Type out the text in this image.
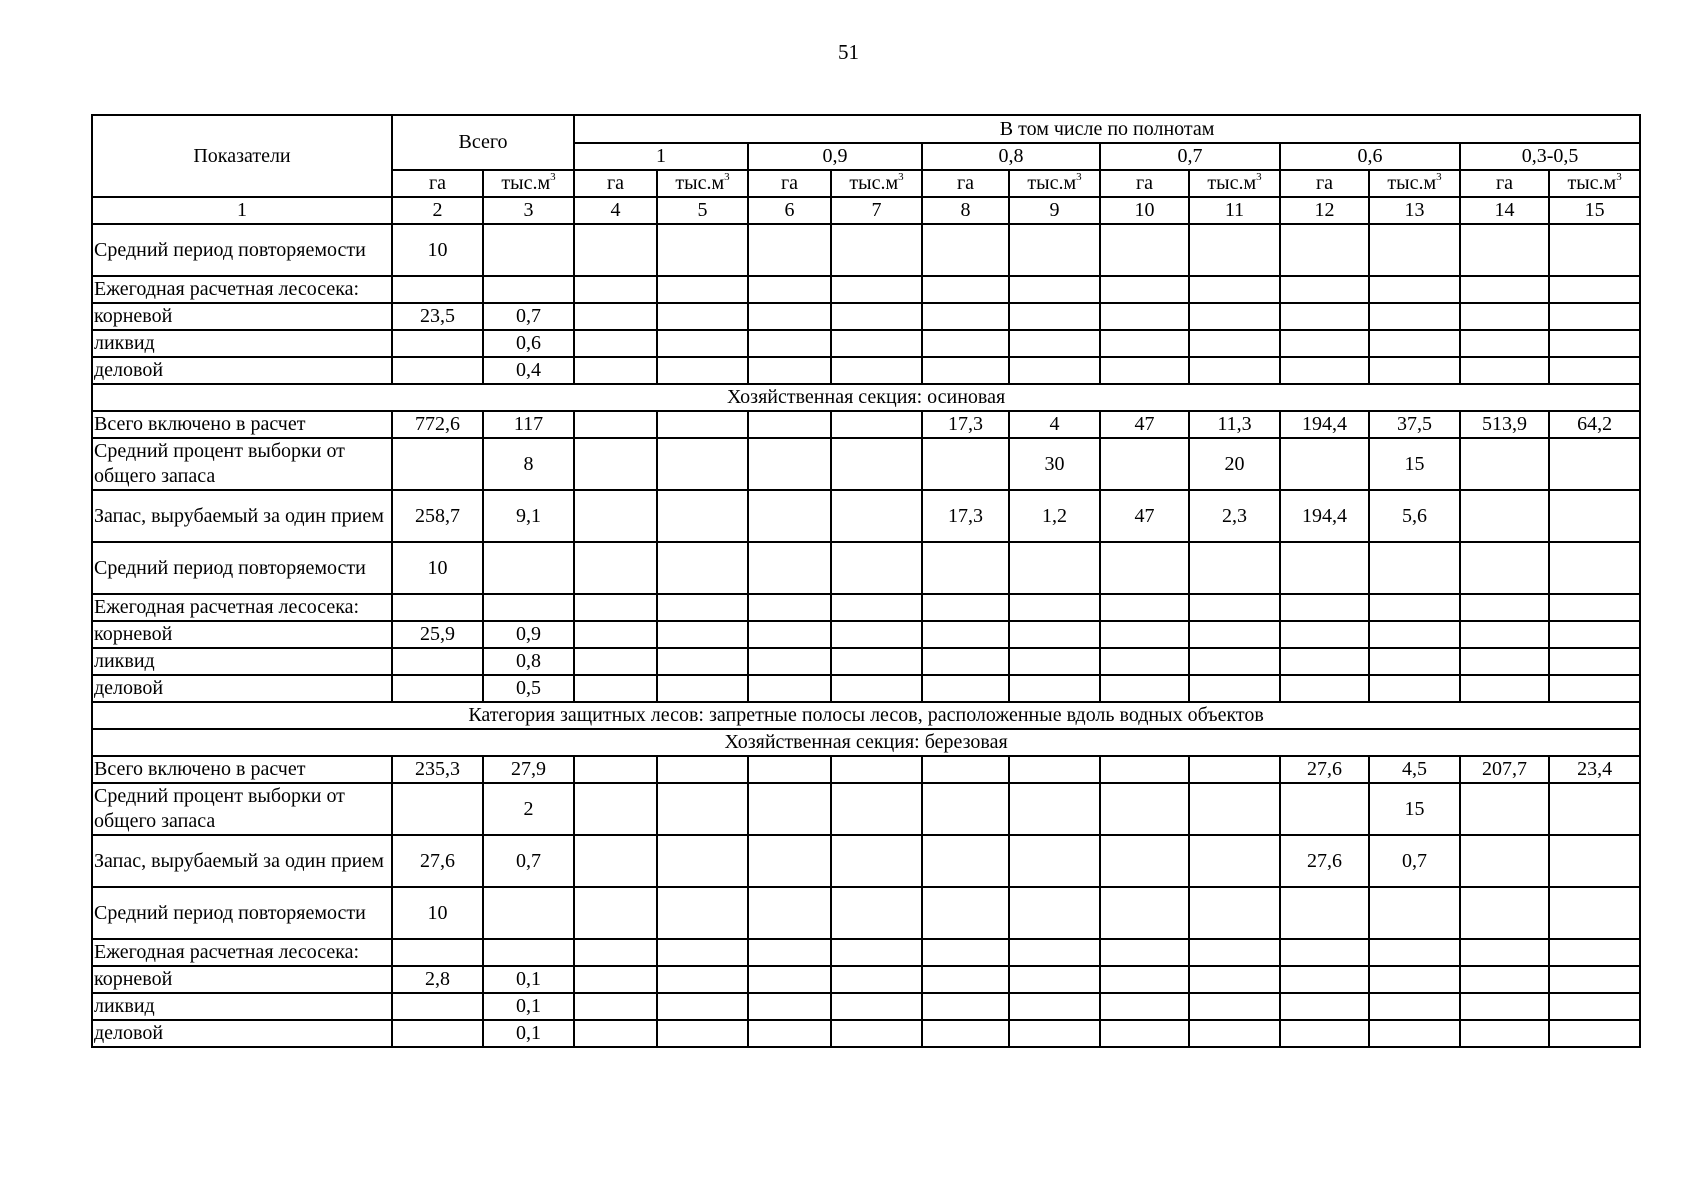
51
Показатели	Всего		В том числе по полнотам											
			1		0,9		0,8		0,7		0,6		0,3-0,5	
	га	$тыс.м^3$	га	$тыс.м^3$	га	$тыс.м^3$	га	$тыс.м^3$	га	$тыс.м^3$	га	$тыс.м^3$	га	$тыс.м^3$
1	2	3	4	5	6	7	8	9	10	11	12	13	14	15
Средний период повторяемости	10													
Ежегодная расчетная лесосека:														
корневой	23,5	0,7												
ликвид		0,6												
деловой		0,4												
Хозяйственная секция: осиновая														
Всего включено в расчет	772,6	117					17,3	4	47	11,3	194,4	37,5	513,9	64,2
Средний процент выборки от общего запаса		8						30		20		15		
Запас, вырубаемый за один прием	258,7	9,1					17,3	1,2	47	2,3	194,4	5,6		
Средний период повторяемости	10													
Ежегодная расчетная лесосека:														
корневой	25,9	0,9												
ликвид		0,8												
деловой		0,5												
Категория защитных лесов: запретные полосы лесов, расположенные вдоль водных объектов														
Хозяйственная секция: березовая														
Всего включено в расчет	235,3	27,9									27,6	4,5	207,7	23,4
Средний процент выборки от общего запаса		2										15		
Запас, вырубаемый за один прием	27,6	0,7									27,6	0,7		
Средний период повторяемости	10													
Ежегодная расчетная лесосека:														
корневой	2,8	0,1												
ликвид		0,1												
деловой		0,1												
